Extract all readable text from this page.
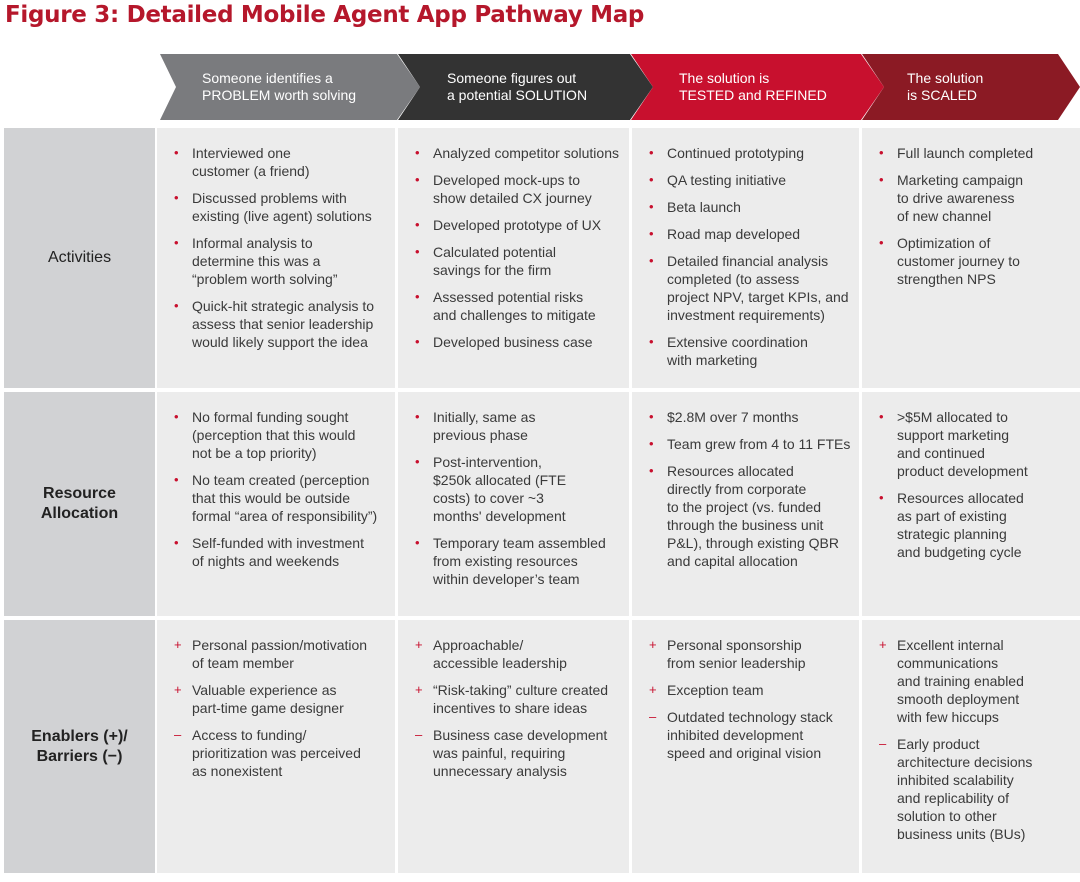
Figure 3: Detailed Mobile Agent App Pathway Map
Someone identifies a
PROBLEM worth solving
Someone figures out
a potential SOLUTION
The solution is
TESTED and REFINED
The solution
is SCALED
Activities
• Interviewed one
customer (a friend)
• Discussed problems with
existing (live agent) solutions
• Informal analysis to
determine this was a
“problem worth solving”
• Quick-hit strategic analysis to
assess that senior leadership
would likely support the idea
• Analyzed competitor solutions
• Developed mock-ups to
show detailed CX journey
• Developed prototype of UX
• Calculated potential
savings for the firm
• Assessed potential risks
and challenges to mitigate
• Developed business case
• Continued prototyping
• QA testing initiative
• Beta launch
• Road map developed
• Detailed financial analysis
completed (to assess
project NPV, target KPIs, and
investment requirements)
• Extensive coordination
with marketing
• Full launch completed
• Marketing campaign
to drive awareness
of new channel
• Optimization of
customer journey to
strengthen NPS
Resource
Allocation
• No formal funding sought
(perception that this would
not be a top priority)
• No team created (perception
that this would be outside
formal “area of responsibility”)
• Self-funded with investment
of nights and weekends
• Initially, same as
previous phase
• Post-intervention,
$250k allocated (FTE
costs) to cover ~3
months' development
• Temporary team assembled
from existing resources
within developer’s team
• $2.8M over 7 months
• Team grew from 4 to 11 FTEs
• Resources allocated
directly from corporate
to the project (vs. funded
through the business unit
P&L), through existing QBR
and capital allocation
• >$5M allocated to
support marketing
and continued
product development
• Resources allocated
as part of existing
strategic planning
and budgeting cycle
Enablers (+)/
Barriers (−)
+ Personal passion/motivation
of team member
+ Valuable experience as
part-time game designer
– Access to funding/
prioritization was perceived
as nonexistent
+ Approachable/
accessible leadership
+ “Risk-taking” culture created
incentives to share ideas
– Business case development
was painful, requiring
unnecessary analysis
+ Personal sponsorship
from senior leadership
+ Exception team
– Outdated technology stack
inhibited development
speed and original vision
+ Excellent internal
communications
and training enabled
smooth deployment
with few hiccups
– Early product
architecture decisions
inhibited scalability
and replicability of
solution to other
business units (BUs)
